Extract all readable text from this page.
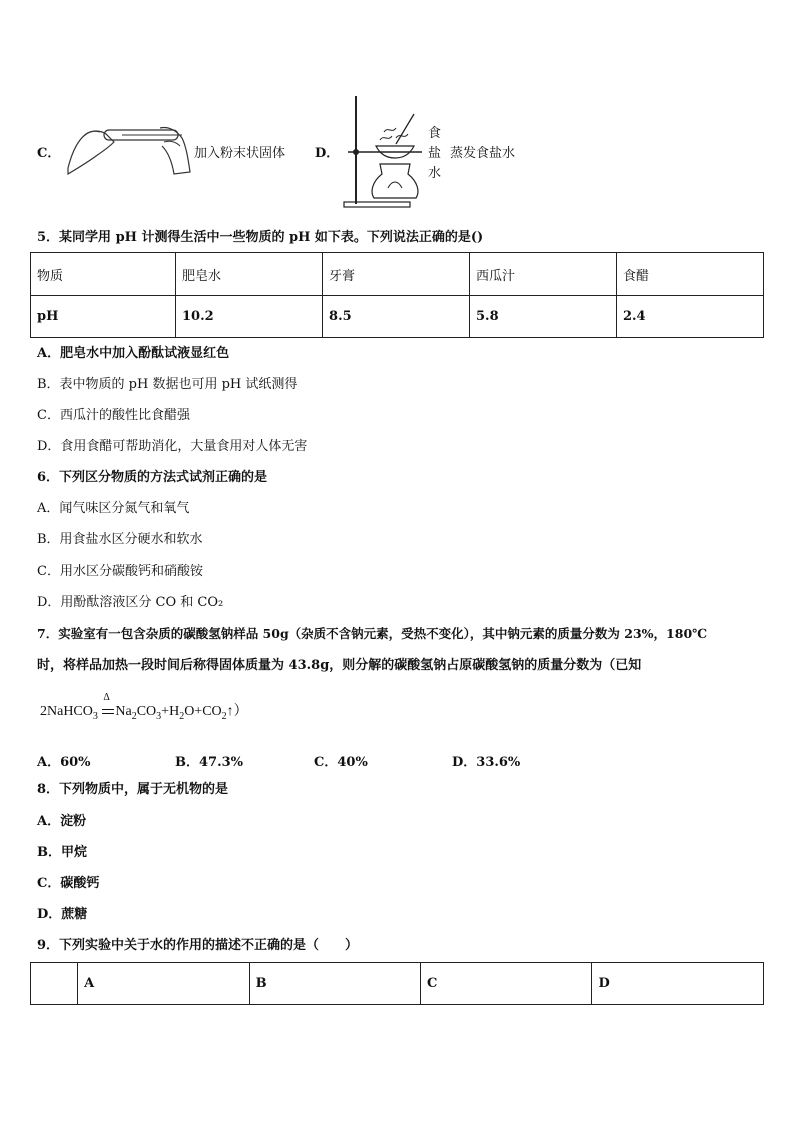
C．	加入粉末状固体 D．
食
盐
水
蒸发食盐水
5．某同学用 pH 计测得生活中一些物质的 pH 如下表。下列说法正确的是()
物质	肥皂水	牙膏	西瓜汁	食醋
pH	10.2	8.5	5.8	2.4
A．肥皂水中加入酚酞试液显红色
B．表中物质的 pH 数据也可用 pH 试纸测得
C．西瓜汁的酸性比食醋强
D．食用食醋可帮助消化，大量食用对人体无害
6．下列区分物质的方法式试剂正确的是
A．闻气味区分氮气和氧气
B．用食盐水区分硬水和软水
C．用水区分碳酸钙和硝酸铵
D．用酚酞溶液区分 CO 和 CO₂
7．实验室有一包含杂质的碳酸氢钠样品 50g（杂质不含钠元素，受热不变化），其中钠元素的质量分数为 23%，180℃
时，将样品加热一段时间后称得固体质量为 43.8g，则分解的碳酸氢钠占原碳酸氢钠的质量分数为（已知
2NaHCO$_3$
Δ
$Na_2CO_3+H_2O+CO_2↑$）
A．60%	B．47.3%	C．40%	D．33.6%
8．下列物质中，属于无机物的是
A．淀粉
B．甲烷
C．碳酸钙
D．蔗糖
9．下列实验中关于水的作用的描述不正确的是（　　）
	A	B	C	D
